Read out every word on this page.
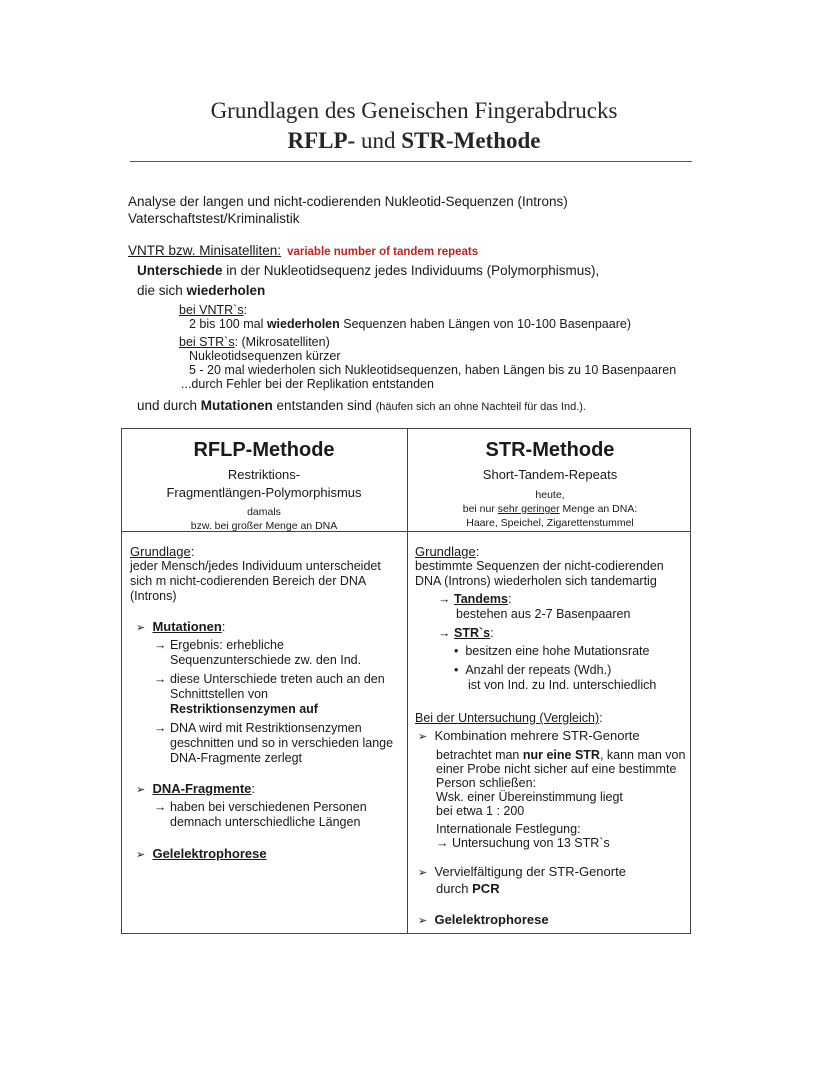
Grundlagen des Geneischen Fingerabdrucks
RFLP- und STR-Methode
Analyse der langen und nicht-codierenden Nukleotid-Sequenzen (Introns)
Vaterschaftstest/Kriminalistik
VNTR bzw. Minisatelliten: variable number of tandem repeats
Unterschiede in der Nukleotidsequenz jedes Individuums (Polymorphismus),
die sich wiederholen
bei VNTR`s:
2 bis 100 mal wiederholen Sequenzen haben Längen von 10-100 Basenpaare)
bei STR`s: (Mikrosatelliten)
Nukleotidsequenzen kürzer
5 - 20 mal wiederholen sich Nukleotidsequenzen, haben Längen bis zu 10 Basenpaaren
...durch Fehler bei der Replikation entstanden
und durch Mutationen entstanden sind (häufen sich an ohne Nachteil für das Ind.).
RFLP-Methode
Restriktions-
Fragmentlängen-Polymorphismus
damals
bzw. bei großer Menge an DNA
STR-Methode
Short-Tandem-Repeats
heute,
bei nur sehr geringer Menge an DNA:
Haare, Speichel, Zigarettenstummel
Grundlage:
jeder Mensch/jedes Individuum unterscheidet
sich m nicht-codierenden Bereich der DNA
(Introns)
➢ Mutationen:
→ Ergebnis: erhebliche
Sequenzunterschiede zw. den Ind.
→ diese Unterschiede treten auch an den
Schnittstellen von
Restriktionsenzymen auf
→ DNA wird mit Restriktionsenzymen
geschnitten und so in verschieden lange
DNA-Fragmente zerlegt
➢ DNA-Fragmente:
→ haben bei verschiedenen Personen
demnach unterschiedliche Längen
➢ Gelelektrophorese
Grundlage:
bestimmte Sequenzen der nicht-codierenden
DNA (Introns) wiederholen sich tandemartig
→ Tandems:
bestehen aus 2-7 Basenpaaren
→ STR`s:
•  besitzen eine hohe Mutationsrate
•  Anzahl der repeats (Wdh.)
ist von Ind. zu Ind. unterschiedlich
Bei der Untersuchung (Vergleich):
➢ Kombination mehrere STR-Genorte
betrachtet man nur eine STR, kann man von
einer Probe nicht sicher auf eine bestimmte
Person schließen:
Wsk. einer Übereinstimmung liegt
bei etwa 1 : 200
Internationale Festlegung:
→ Untersuchung von 13 STR`s
➢ Vervielfältigung der STR-Genorte
durch PCR
➢ Gelelektrophorese
